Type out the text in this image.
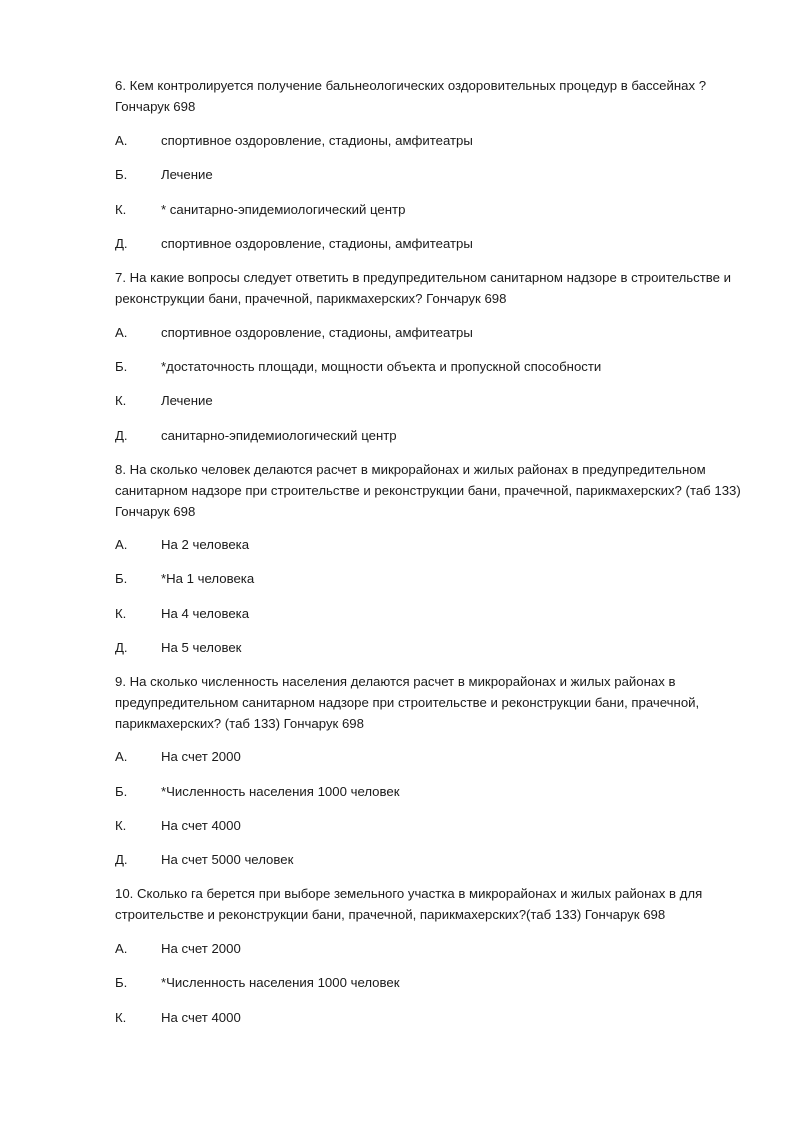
6. Кем контролируется получение бальнеологических оздоровительных процедур в бассейнах ? Гончарук 698

А.	спортивное оздоровление, стадионы, амфитеатры
Б.	Лечение
К.	* санитарно-эпидемиологический центр
Д.	спортивное оздоровление, стадионы, амфитеатры

7. На какие вопросы следует ответить в предупредительном санитарном надзоре в строительстве и реконструкции бани, прачечной, парикмахерских? Гончарук 698

А.	спортивное оздоровление, стадионы, амфитеатры
Б.	*достаточность площади, мощности объекта и пропускной способности
К.	Лечение
Д.	санитарно-эпидемиологический центр

8. На сколько человек делаются расчет в микрорайонах и жилых районах в предупредительном санитарном надзоре при строительстве и реконструкции бани, прачечной, парикмахерских? (таб 133) Гончарук 698

А.	На 2 человека
Б.	*На 1 человека
К.	На 4 человека
Д.	На 5 человек

9. На сколько численность населения делаются расчет в микрорайонах и жилых районах в предупредительном санитарном надзоре при строительстве и реконструкции бани, прачечной, парикмахерских? (таб 133) Гончарук 698

А.	На счет 2000
Б.	*Численность населения 1000 человек
К.	На счет 4000
Д.	На счет 5000 человек

10. Сколько га берется при выборе земельного участка в микрорайонах и жилых районах в для строительстве и реконструкции бани, прачечной, парикмахерских?(таб 133) Гончарук 698

А.	На счет 2000
Б.	*Численность населения 1000 человек
К.	На счет 4000
